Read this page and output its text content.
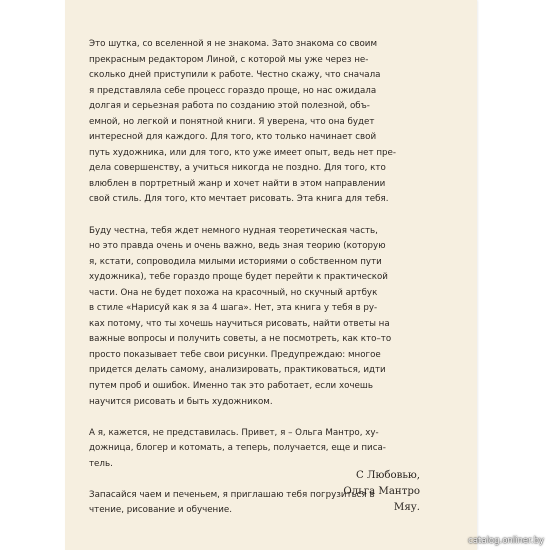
Это шутка, со вселенной я не знакома. Зато знакома со своим
прекрасным редактором Линой, с которой мы уже через не-
сколько дней приступили к работе. Честно скажу, что сначала
я представляла себе процесс гораздо проще, но нас ожидала
долгая и серьезная работа по созданию этой полезной, объ-
емной, но легкой и понятной книги. Я уверена, что она будет
интересной для каждого. Для того, кто только начинает свой
путь художника, или для того, кто уже имеет опыт, ведь нет пре-
дела совершенству, а учиться никогда не поздно. Для того, кто
влюблен в портретный жанр и хочет найти в этом направлении
свой стиль. Для того, кто мечтает рисовать. Эта книга для тебя.
Буду честна, тебя ждет немного нудная теоретическая часть,
но это правда очень и очень важно, ведь зная теорию (которую
я, кстати, сопроводила милыми историями о собственном пути
художника), тебе гораздо проще будет перейти к практической
части. Она не будет похожа на красочный, но скучный артбук
в стиле «Нарисуй как я за 4 шага». Нет, эта книга у тебя в ру-
ках потому, что ты хочешь научиться рисовать, найти ответы на
важные вопросы и получить советы, а не посмотреть, как кто–то
просто показывает тебе свои рисунки. Предупреждаю: многое
придется делать самому, анализировать, практиковаться, идти
путем проб и ошибок. Именно так это работает, если хочешь
научится рисовать и быть художником.
А я, кажется, не представилась. Привет, я – Ольга Мантро, ху-
дожница, блогер и котомать, а теперь, получается, еще и писа-
тель.
Запасайся чаем и печеньем, я приглашаю тебя погрузиться в
чтение, рисование и обучение.
С Любовью,
Ольга Мантро
Мяу.
catalog.onliner.by
